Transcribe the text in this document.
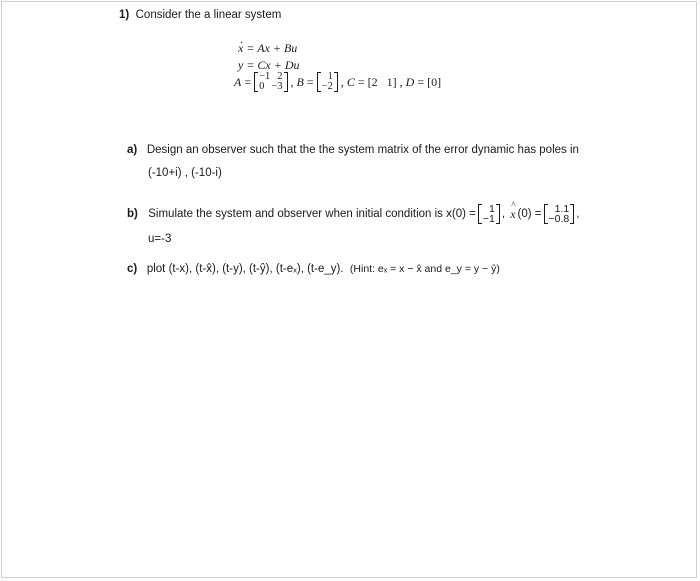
1) Consider the a linear system
. x = Ax + Bu
y = Cx + Du
A = −1 2
0 −3 , B = 1
−2 , C = [2   1] , D = [0]
a) Design an observer such that the the system matrix of the error dynamic has poles in
(-10+i) , (-10-i)
b)
Simulate the system and observer when initial condition is x(0) = 1
−1 ,
^ x (0) = 1.1
−0.8 ,
u=-3
c) plot (t-x), (t-x̂), (t-y), (t-ŷ), (t-eₓ), (t-e_y). (Hint: eₓ = x − x̂ and e_y = y − ŷ)
